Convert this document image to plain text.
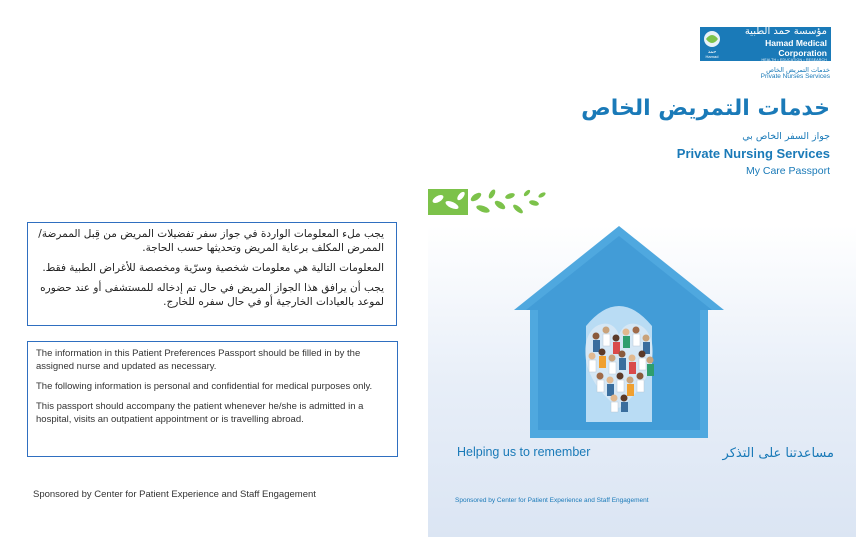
يجب ملء المعلومات الواردة في جواز سفر تفضيلات المريض من قِبل الممرضة/ الممرض المكلف برعاية المريض وتحديثها حسب الحاجة.

المعلومات التالية هي معلومات شخصية وسرّية ومخصصة للأغراض الطبية فقط.

يجب أن يرافق هذا الجواز المريض في حال تم إدخاله للمستشفى أو عند حضوره لموعد بالعيادات الخارجية أو في حال سفره للخارج.

The information in this Patient Preferences Passport should be filled in by the assigned nurse and updated as necessary.

The following information is personal and confidential for medical purposes only.

This passport should accompany the patient whenever he/she is admitted in a hospital, visits an outpatient appointment or is travelling abroad.

Sponsored by Center for Patient Experience and Staff Engagement
حمد
Hamad
مؤسسة حمد الطبية
Hamad Medical Corporation
HEALTH • EDUCATION • RESEARCH
خدمات التمريض الخاص
Private Nurses Services
خدمات التمريض الخاص
جواز السفر الخاص بي
Private Nursing Services
My Care Passport
Helping us to remember	مساعدتنا على التذكر
Sponsored by Center for Patient Experience and Staff Engagement
